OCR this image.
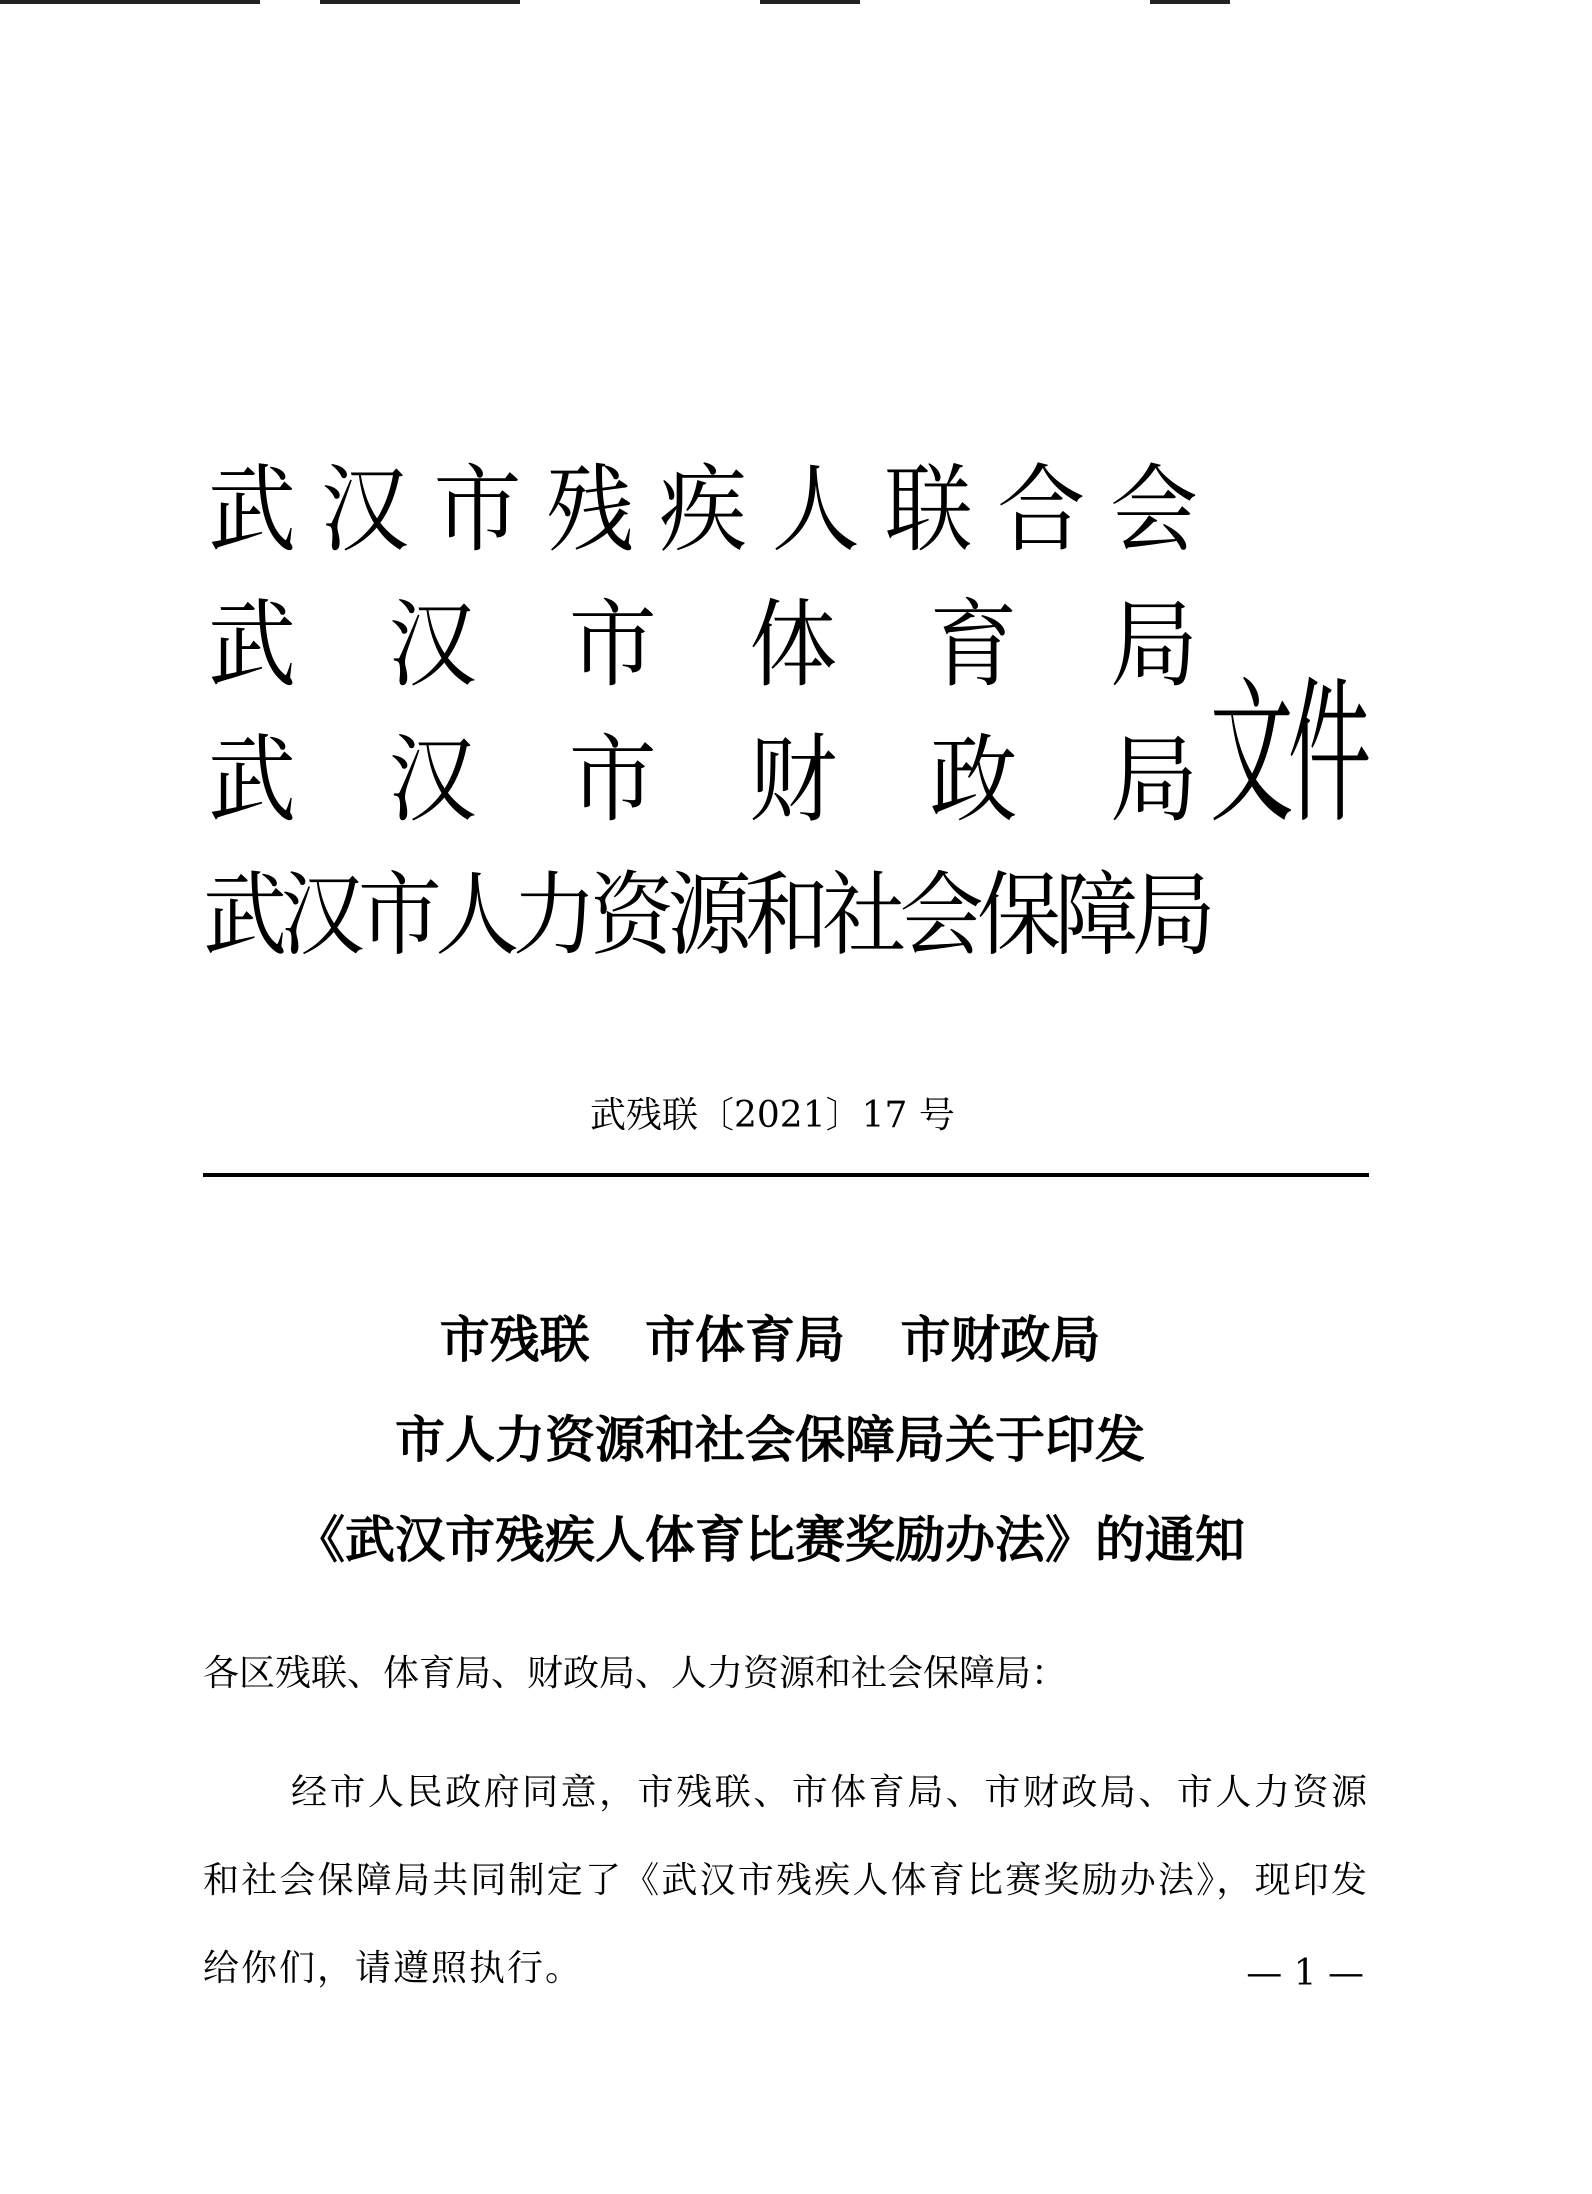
武 汉 市 残 疾 人 联 合 会
武 汉 市 体 育 局
武 汉 市 财 政 局
武
汉
市
人
力
资
源
和
社
会
保
障
局
文件
武残联〔2021〕17 号
市残联 市体育局 市财政局
市人力资源和社会保障局关于印发
《武汉市残疾人体育比赛奖励办法》的通知
各区残联、体育局、财政局、人力资源和社会保障局：

经市人民政府同意，市残联、市体育局、市财政局、市人力资源和社会保障局共同制定了《武汉市残疾人体育比赛奖励办法》，现印发给你们，请遵照执行。	— 1 —
